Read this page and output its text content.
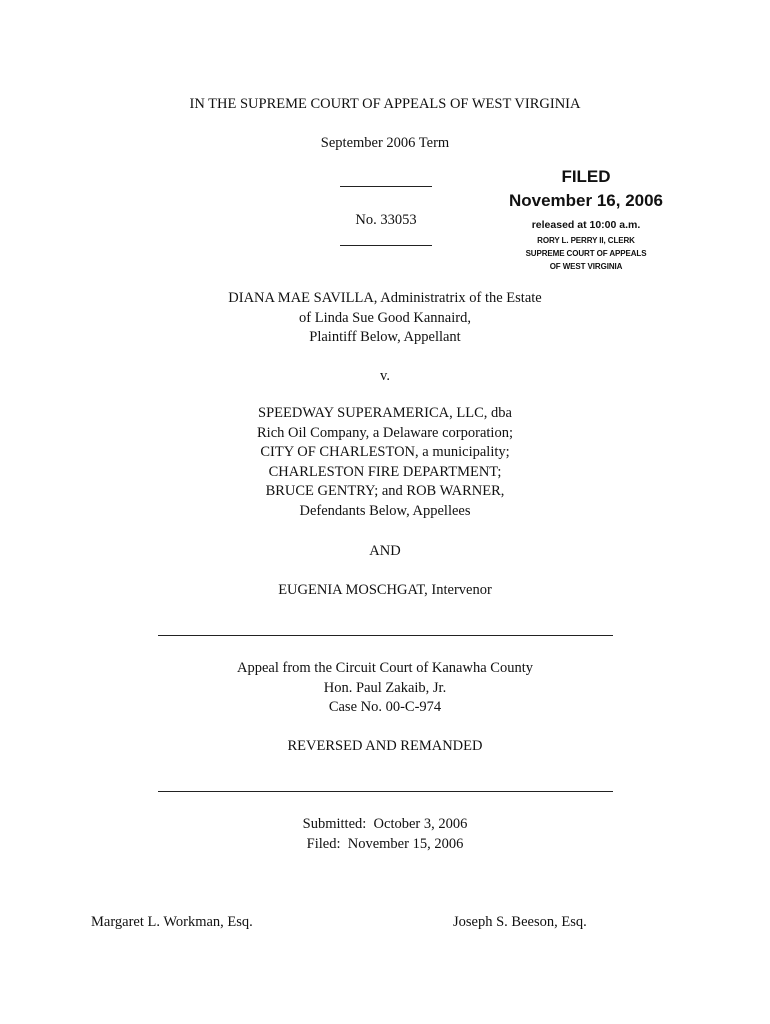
IN THE SUPREME COURT OF APPEALS OF WEST VIRGINIA
September 2006 Term
No. 33053
FILED
November 16, 2006
released at 10:00 a.m.
RORY L. PERRY II, CLERK
SUPREME COURT OF APPEALS
OF WEST VIRGINIA
DIANA MAE SAVILLA, Administratrix of the Estate
of Linda Sue Good Kannaird,
Plaintiff Below, Appellant
v.
SPEEDWAY SUPERAMERICA, LLC, dba
Rich Oil Company, a Delaware corporation;
CITY OF CHARLESTON, a municipality;
CHARLESTON FIRE DEPARTMENT;
BRUCE GENTRY; and ROB WARNER,
Defendants Below, Appellees
AND
EUGENIA MOSCHGAT, Intervenor
Appeal from the Circuit Court of Kanawha County
Hon. Paul Zakaib, Jr.
Case No. 00-C-974
REVERSED AND REMANDED
Submitted:  October 3, 2006
Filed:  November 15, 2006
Margaret L. Workman, Esq.	Joseph S. Beeson, Esq.
